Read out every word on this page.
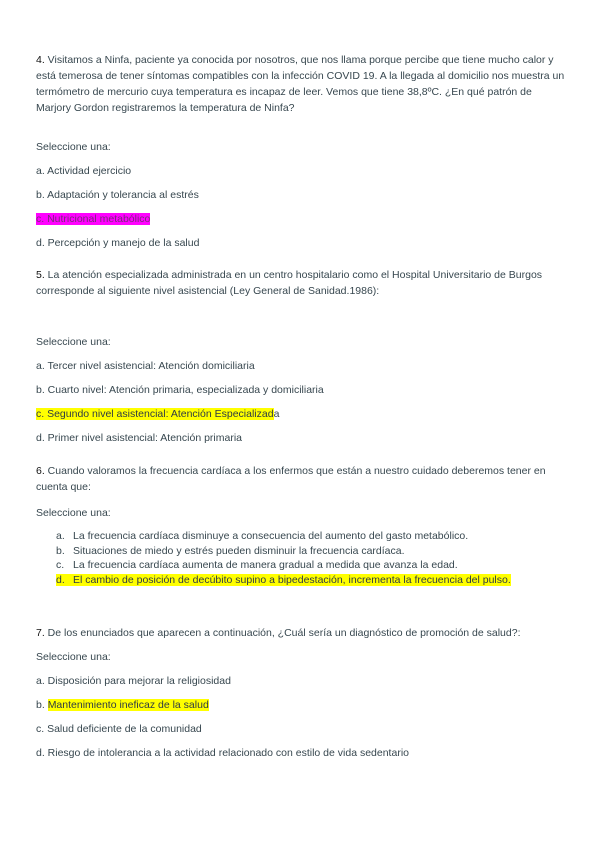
4. Visitamos a Ninfa, paciente ya conocida por nosotros, que nos llama porque percibe que tiene mucho calor y está temerosa de tener síntomas compatibles con la infección COVID 19. A la llegada al domicilio nos muestra un termómetro de mercurio cuya temperatura es incapaz de leer. Vemos que tiene 38,8ºC. ¿En qué patrón de Marjory Gordon registraremos la temperatura de Ninfa?

Seleccione una:
a. Actividad ejercicio
b. Adaptación y tolerancia al estrés
c. Nutricional metabólico
d. Percepción y manejo de la salud

5. La atención especializada administrada en un centro hospitalario como el Hospital Universitario de Burgos corresponde al siguiente nivel asistencial (Ley General de Sanidad.1986):

Seleccione una:
a. Tercer nivel asistencial: Atención domiciliaria
b. Cuarto nivel: Atención primaria, especializada y domiciliaria
c. Segundo nivel asistencial: Atención Especializada
d. Primer nivel asistencial: Atención primaria

6. Cuando valoramos la frecuencia cardíaca a los enfermos que están a nuestro cuidado deberemos tener en cuenta que:

Seleccione una:
a. La frecuencia cardíaca disminuye a consecuencia del aumento del gasto metabólico.
b. Situaciones de miedo y estrés pueden disminuir la frecuencia cardíaca.
c. La frecuencia cardíaca aumenta de manera gradual a medida que avanza la edad.
d. El cambio de posición de decúbito supino a bipedestación, incrementa la frecuencia del pulso.
7. De los enunciados que aparecen a continuación, ¿Cuál sería un diagnóstico de promoción de salud?:
Seleccione una:
a. Disposición para mejorar la religiosidad
b. Mantenimiento ineficaz de la salud
c. Salud deficiente de la comunidad
d. Riesgo de intolerancia a la actividad relacionado con estilo de vida sedentario
